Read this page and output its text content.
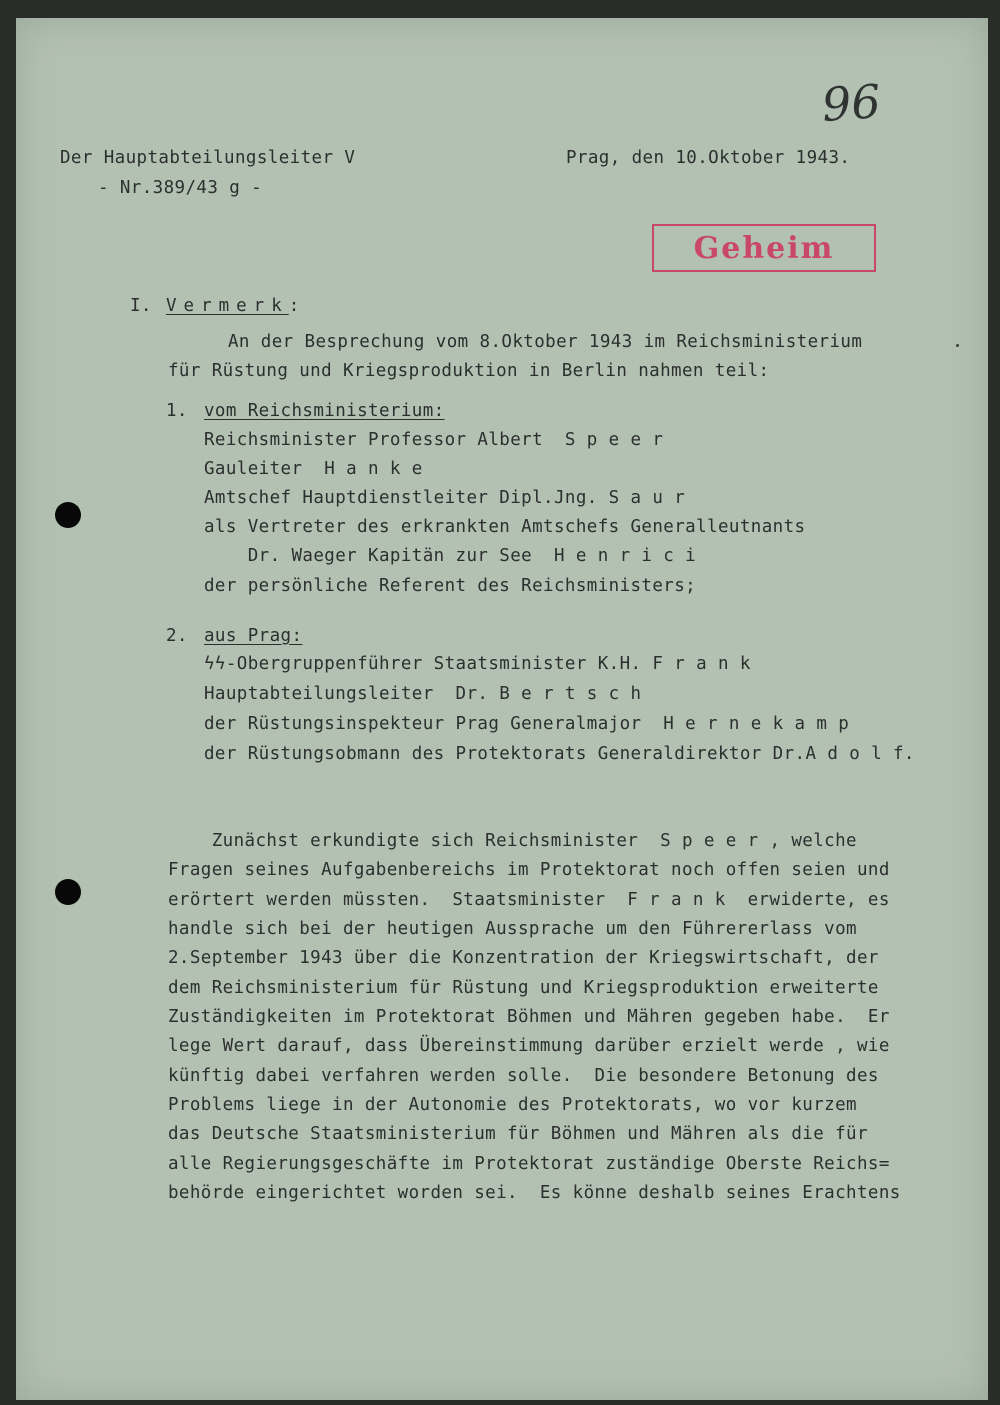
96
Der Hauptabteilungsleiter V
- Nr.389/43 g -
Prag, den 10.Oktober 1943.
Geheim
I. Vermerk:
An der Besprechung vom 8.Oktober 1943 im Reichsministerium
für Rüstung und Kriegsproduktion in Berlin nahmen teil:
1. vom Reichsministerium:
Reichsminister Professor Albert  S p e e r
Gauleiter  H a n k e
Amtschef Hauptdienstleiter Dipl.Jng. S a u r
als Vertreter des erkrankten Amtschefs Generalleutnants
Dr. Waeger Kapitän zur See  H e n r i c i
der persönliche Referent des Reichsministers;
2. aus Prag:
ϟϟ-Obergruppenführer Staatsminister K.H. F r a n k
Hauptabteilungsleiter  Dr. B e r t s c h
der Rüstungsinspekteur Prag Generalmajor  H e r n e k a m p
der Rüstungsobmann des Protektorats Generaldirektor Dr.A d o l f.
Zunächst erkundigte sich Reichsminister  S p e e r , welche
Fragen seines Aufgabenbereichs im Protektorat noch offen seien und
erörtert werden müssten.  Staatsminister  F r a n k  erwiderte, es
handle sich bei der heutigen Aussprache um den Führererlass vom
2.September 1943 über die Konzentration der Kriegswirtschaft, der
dem Reichsministerium für Rüstung und Kriegsproduktion erweiterte
Zuständigkeiten im Protektorat Böhmen und Mähren gegeben habe.  Er
lege Wert darauf, dass Übereinstimmung darüber erzielt werde , wie
künftig dabei verfahren werden solle.  Die besondere Betonung des
Problems liege in der Autonomie des Protektorats, wo vor kurzem
das Deutsche Staatsministerium für Böhmen und Mähren als die für
alle Regierungsgeschäfte im Protektorat zuständige Oberste Reichs=
behörde eingerichtet worden sei.  Es könne deshalb seines Erachtens
